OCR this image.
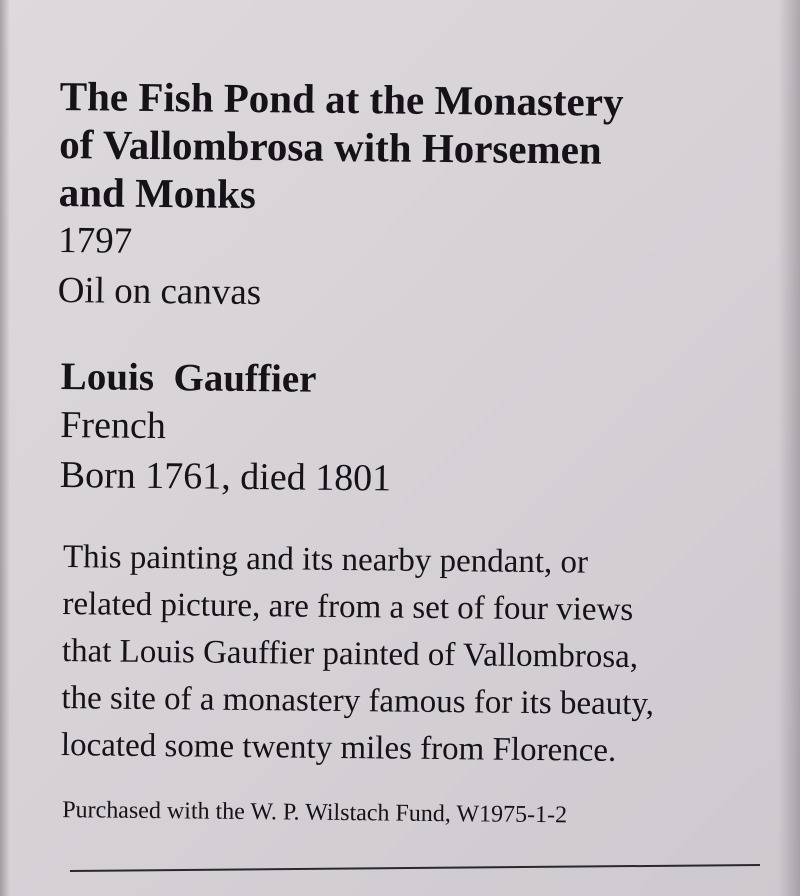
The Fish Pond at the Monastery
of Vallombrosa with Horsemen
and Monks

1797

Oil on canvas

Louis  Gauffier

French

Born 1761, died 1801

This painting and its nearby pendant, or
related picture, are from a set of four views
that Louis Gauffier painted of Vallombrosa,
the site of a monastery famous for its beauty,
located some twenty miles from Florence.

Purchased with the W. P. Wilstach Fund, W1975-1-2
